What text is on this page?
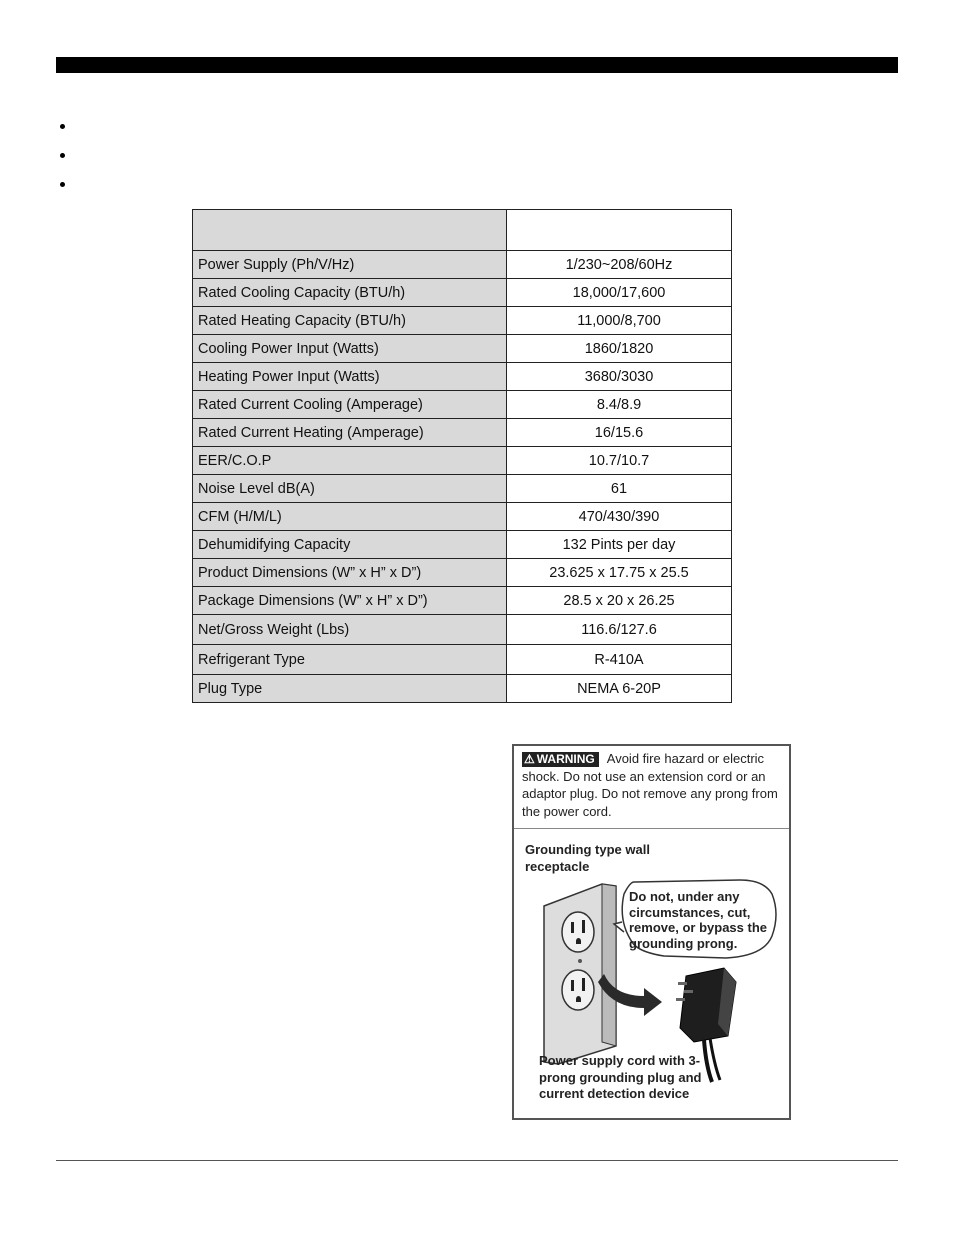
Power Supply (Ph/V/Hz)	1/230~208/60Hz
Rated Cooling Capacity (BTU/h)	18,000/17,600
Rated Heating Capacity (BTU/h)	11,000/8,700
Cooling Power Input (Watts)	1860/1820
Heating Power Input (Watts)	3680/3030
Rated Current Cooling (Amperage)	8.4/8.9
Rated Current Heating (Amperage)	16/15.6
EER/C.O.P	10.7/10.7
Noise Level dB(A)	61
CFM (H/M/L)	470/430/390
Dehumidifying Capacity	132 Pints per day
Product Dimensions (W” x H” x D”)	23.625 x 17.75 x 25.5
Package Dimensions (W” x H” x D”)	28.5 x 20 x 26.25
Net/Gross Weight (Lbs)	116.6/127.6
Refrigerant Type	R-410A
Plug Type	NEMA 6-20P
⚠ WARNING Avoid fire hazard or electric shock. Do not use an extension cord or an adaptor plug. Do not remove any prong from the power cord.
Grounding type wall receptacle
Do not, under any circumstances, cut, remove, or bypass the grounding prong.
Power supply cord with 3-prong grounding plug and current detection device
